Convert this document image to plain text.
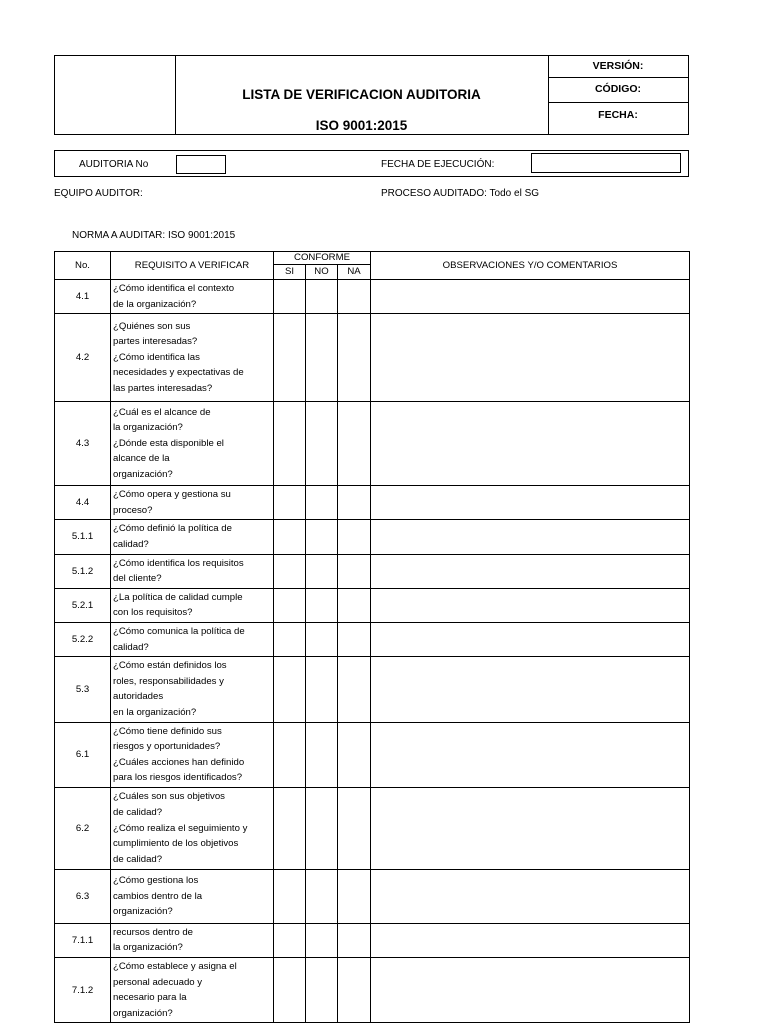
LISTA DE VERIFICACION AUDITORIA
ISO 9001:2015
VERSIÓN:
CÓDIGO:
FECHA:
AUDITORIA No	FECHA DE EJECUCIÓN:
EQUIPO AUDITOR:	PROCESO AUDITADO: Todo el SG
NORMA A AUDITAR: ISO 9001:2015
No.	REQUISITO A VERIFICAR	CONFORME			OBSERVACIONES Y/O COMENTARIOS
		SI	NO	NA	
4.1	¿Cómo identifica el contexto
de la organización?				

4.2	¿Quiénes son sus
partes interesadas?
¿Cómo identifica las
necesidades y expectativas de
las partes interesadas?				

4.3	¿Cuál es el alcance de
la organización?
¿Dónde esta disponible el
alcance de la
organización?				

4.4	¿Cómo opera y gestiona su
proceso?				

5.1.1	¿Cómo definió la política de
calidad?				

5.1.2	¿Cómo identifica los requisitos
del cliente?				

5.2.1	¿La política de calidad cumple
con los requisitos?				

5.2.2	¿Cómo comunica la política de
calidad?				

5.3	¿Cómo están definidos los
roles, responsabilidades y
autoridades
en la organización?				

6.1	¿Cómo tiene definido sus
riesgos y oportunidades?
¿Cuáles acciones han definido
para los riesgos identificados?				

6.2	¿Cuáles son sus objetivos
de calidad?
¿Cómo realiza el seguimiento y
cumplimiento de los objetivos
de calidad?				

6.3	¿Cómo gestiona los
cambios dentro de la
organización?				

7.1.1	recursos dentro de
la organización?				

7.1.2	¿Cómo establece y asigna el
personal adecuado y
necesario para la
organización?				
